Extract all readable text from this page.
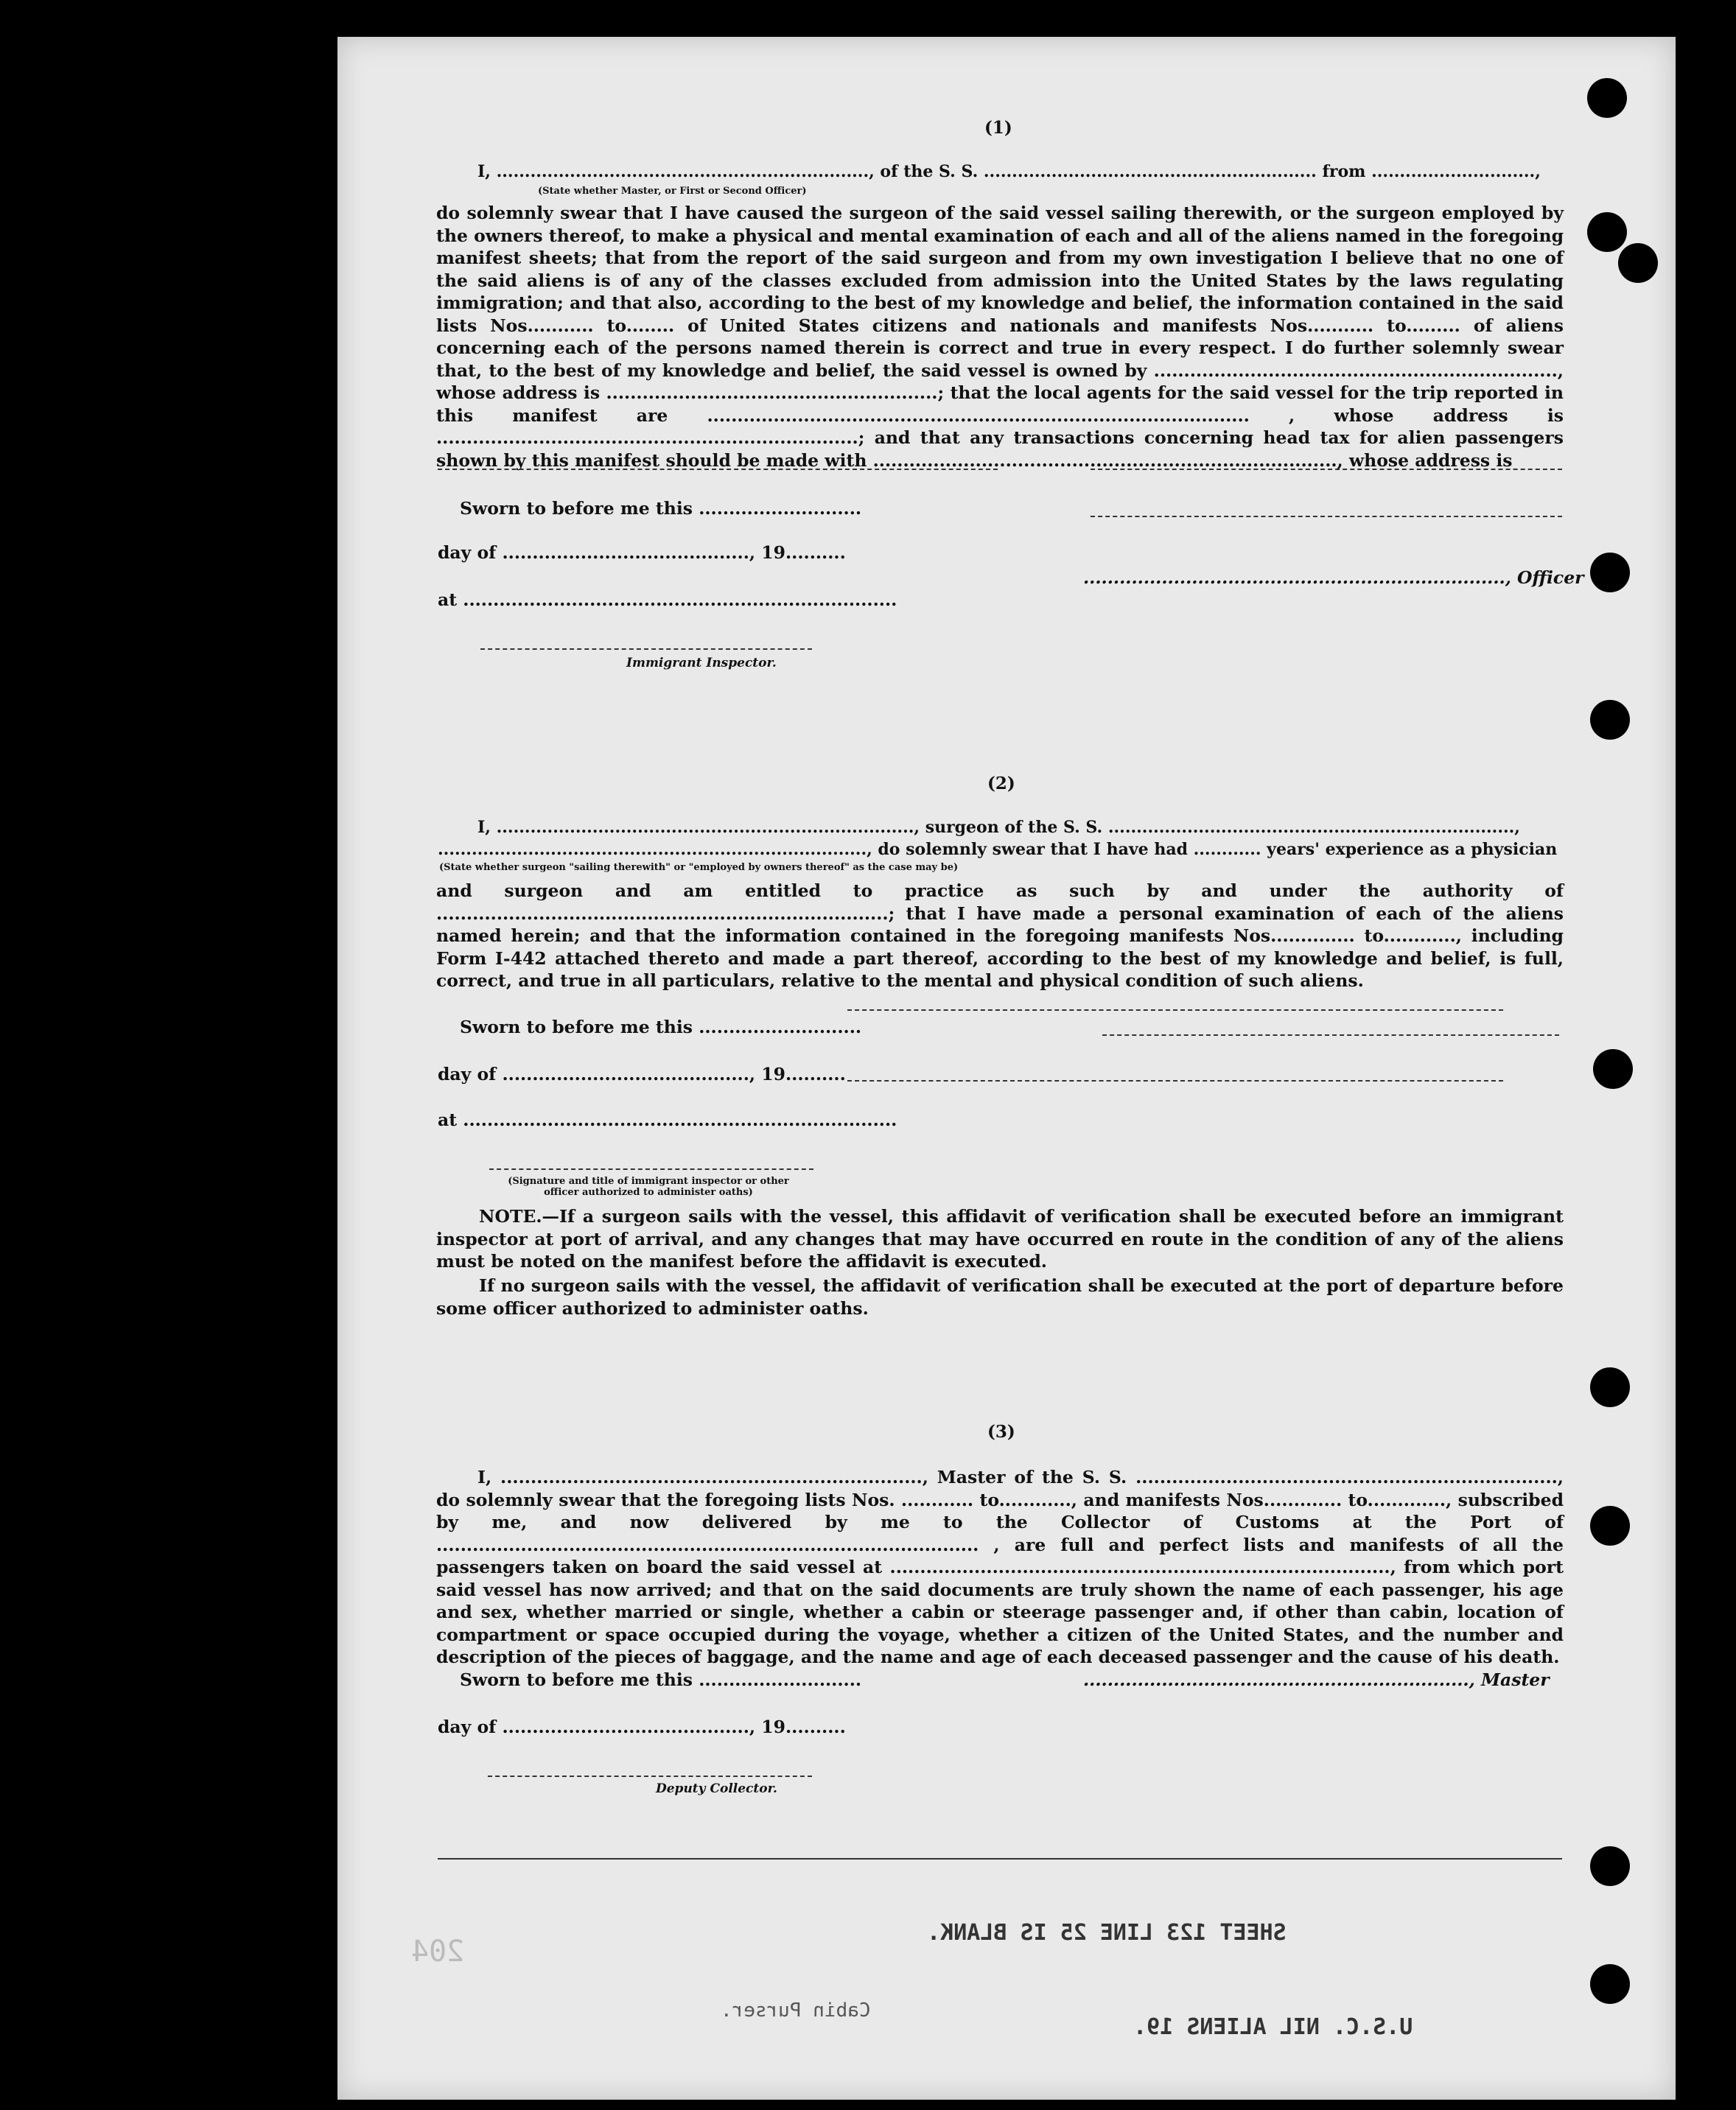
SHEET 123 LINE 25 IS BLANK.
U.S.C. NIL ALIENS 19.
Cabin Purser.
204
(1)
I, .................................................................., of the S. S. ........................................................... from .............................,
(State whether Master, or First or Second Officer)
do solemnly swear that I have caused the surgeon of the said vessel sailing therewith, or the surgeon employed by the owners thereof, to make a physical and mental examination of each and all of the aliens named in the foregoing manifest sheets; that from the report of the said surgeon and from my own investigation I believe that no one of the said aliens is of any of the classes excluded from admission into the United States by the laws regulating immigration; and that also, according to the best of my knowledge and belief, the information contained in the said lists Nos........... to........ of United States citizens and nationals and manifests Nos........... to......... of aliens concerning each of the persons named therein is correct and true in every respect. I do further solemnly swear that, to the best of my knowledge and belief, the said vessel is owned by ..................................................................., whose address is .......................................................; that the local agents for the said vessel for the trip reported in this manifest are .......................................................................................... , whose address is ......................................................................; and that any transactions concerning head tax for alien passengers shown by this manifest should be made with ............................................................................., whose address is
Sworn to before me this ...........................
day of ........................................., 19..........
......................................................................, Officer
at ........................................................................
Immigrant Inspector.
(2)
I, .........................................................................., surgeon of the S. S. ........................................................................,
............................................................................, do solemnly swear that I have had ............ years' experience as a physician
(State whether surgeon "sailing therewith" or "employed by owners thereof" as the case may be)
and surgeon and am entitled to practice as such by and under the authority of ...........................................................................; that I have made a personal examination of each of the aliens named herein; and that the information contained in the foregoing manifests Nos.............. to............, including Form I-442 attached thereto and made a part thereof, according to the best of my knowledge and belief, is full, correct, and true in all particulars, relative to the mental and physical condition of such aliens.
Sworn to before me this ...........................
day of ........................................., 19..........
at ........................................................................
(Signature and title of immigrant inspector or other officer authorized to administer oaths)
NOTE.—If a surgeon sails with the vessel, this affidavit of verification shall be executed before an immigrant inspector at port of arrival, and any changes that may have occurred en route in the condition of any of the aliens must be noted on the manifest before the affidavit is executed.
If no surgeon sails with the vessel, the affidavit of verification shall be executed at the port of departure before some officer authorized to administer oaths.
(3)
I, ......................................................................, Master of the S. S. ......................................................................, do solemnly swear that the foregoing lists Nos. ............ to............, and manifests Nos............. to............., subscribed by me, and now delivered by me to the Collector of Customs at the Port of .......................................................................................... , are full and perfect lists and manifests of all the passengers taken on board the said vessel at ..................................................................................., from which port said vessel has now arrived; and that on the said documents are truly shown the name of each passenger, his age and sex, whether married or single, whether a cabin or steerage passenger and, if other than cabin, location of compartment or space occupied during the voyage, whether a citizen of the United States, and the number and description of the pieces of baggage, and the name and age of each deceased passenger and the cause of his death.
Sworn to before me this ...........................	................................................................, Master
day of ........................................., 19..........
Deputy Collector.
